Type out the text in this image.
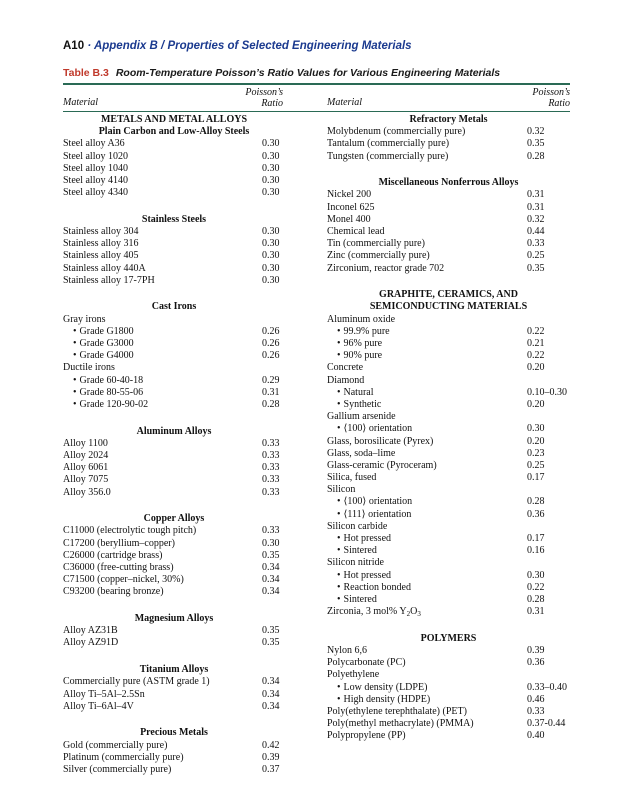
A10 · Appendix B / Properties of Selected Engineering Materials
Table B.3 Room-Temperature Poisson’s Ratio Values for Various Engineering Materials
Material
Poisson’s
Ratio
METALS AND METAL ALLOYS
Plain Carbon and Low-Alloy Steels
Steel alloy A36	0.30
Steel alloy 1020	0.30
Steel alloy 1040	0.30
Steel alloy 4140	0.30
Steel alloy 4340	0.30
Stainless Steels
Stainless alloy 304	0.30
Stainless alloy 316	0.30
Stainless alloy 405	0.30
Stainless alloy 440A	0.30
Stainless alloy 17-7PH	0.30
Cast Irons
Gray irons
• Grade G1800	0.26
• Grade G3000	0.26
• Grade G4000	0.26
Ductile irons
• Grade 60-40-18	0.29
• Grade 80-55-06	0.31
• Grade 120-90-02	0.28
Aluminum Alloys
Alloy 1100	0.33
Alloy 2024	0.33
Alloy 6061	0.33
Alloy 7075	0.33
Alloy 356.0	0.33
Copper Alloys
C11000 (electrolytic tough pitch)	0.33
C17200 (beryllium–copper)	0.30
C26000 (cartridge brass)	0.35
C36000 (free-cutting brass)	0.34
C71500 (copper–nickel, 30%)	0.34
C93200 (bearing bronze)	0.34
Magnesium Alloys
Alloy AZ31B	0.35
Alloy AZ91D	0.35
Titanium Alloys
Commercially pure (ASTM grade 1)	0.34
Alloy Ti–5Al–2.5Sn	0.34
Alloy Ti–6Al–4V	0.34
Precious Metals
Gold (commercially pure)	0.42
Platinum (commercially pure)	0.39
Silver (commercially pure)	0.37
Material
Poisson’s
Ratio
Refractory Metals
Molybdenum (commercially pure)	0.32
Tantalum (commercially pure)	0.35
Tungsten (commercially pure)	0.28
Miscellaneous Nonferrous Alloys
Nickel 200	0.31
Inconel 625	0.31
Monel 400	0.32
Chemical lead	0.44
Tin (commercially pure)	0.33
Zinc (commercially pure)	0.25
Zirconium, reactor grade 702	0.35
GRAPHITE, CERAMICS, AND
SEMICONDUCTING MATERIALS
Aluminum oxide
• 99.9% pure	0.22
• 96% pure	0.21
• 90% pure	0.22
Concrete	0.20
Diamond
• Natural	0.10–0.30
• Synthetic	0.20
Gallium arsenide
• ⟨100⟩ orientation	0.30
Glass, borosilicate (Pyrex)	0.20
Glass, soda–lime	0.23
Glass-ceramic (Pyroceram)	0.25
Silica, fused	0.17
Silicon
• ⟨100⟩ orientation	0.28
• ⟨111⟩ orientation	0.36
Silicon carbide
• Hot pressed	0.17
• Sintered	0.16
Silicon nitride
• Hot pressed	0.30
• Reaction bonded	0.22
• Sintered	0.28
Zirconia, 3 mol% $Y_2O_3$	0.31
POLYMERS
Nylon 6,6	0.39
Polycarbonate (PC)	0.36
Polyethylene
• Low density (LDPE)	0.33–0.40
• High density (HDPE)	0.46
Poly(ethylene terephthalate) (PET)	0.33
Poly(methyl methacrylate) (PMMA)	0.37-0.44
Polypropylene (PP)	0.40
